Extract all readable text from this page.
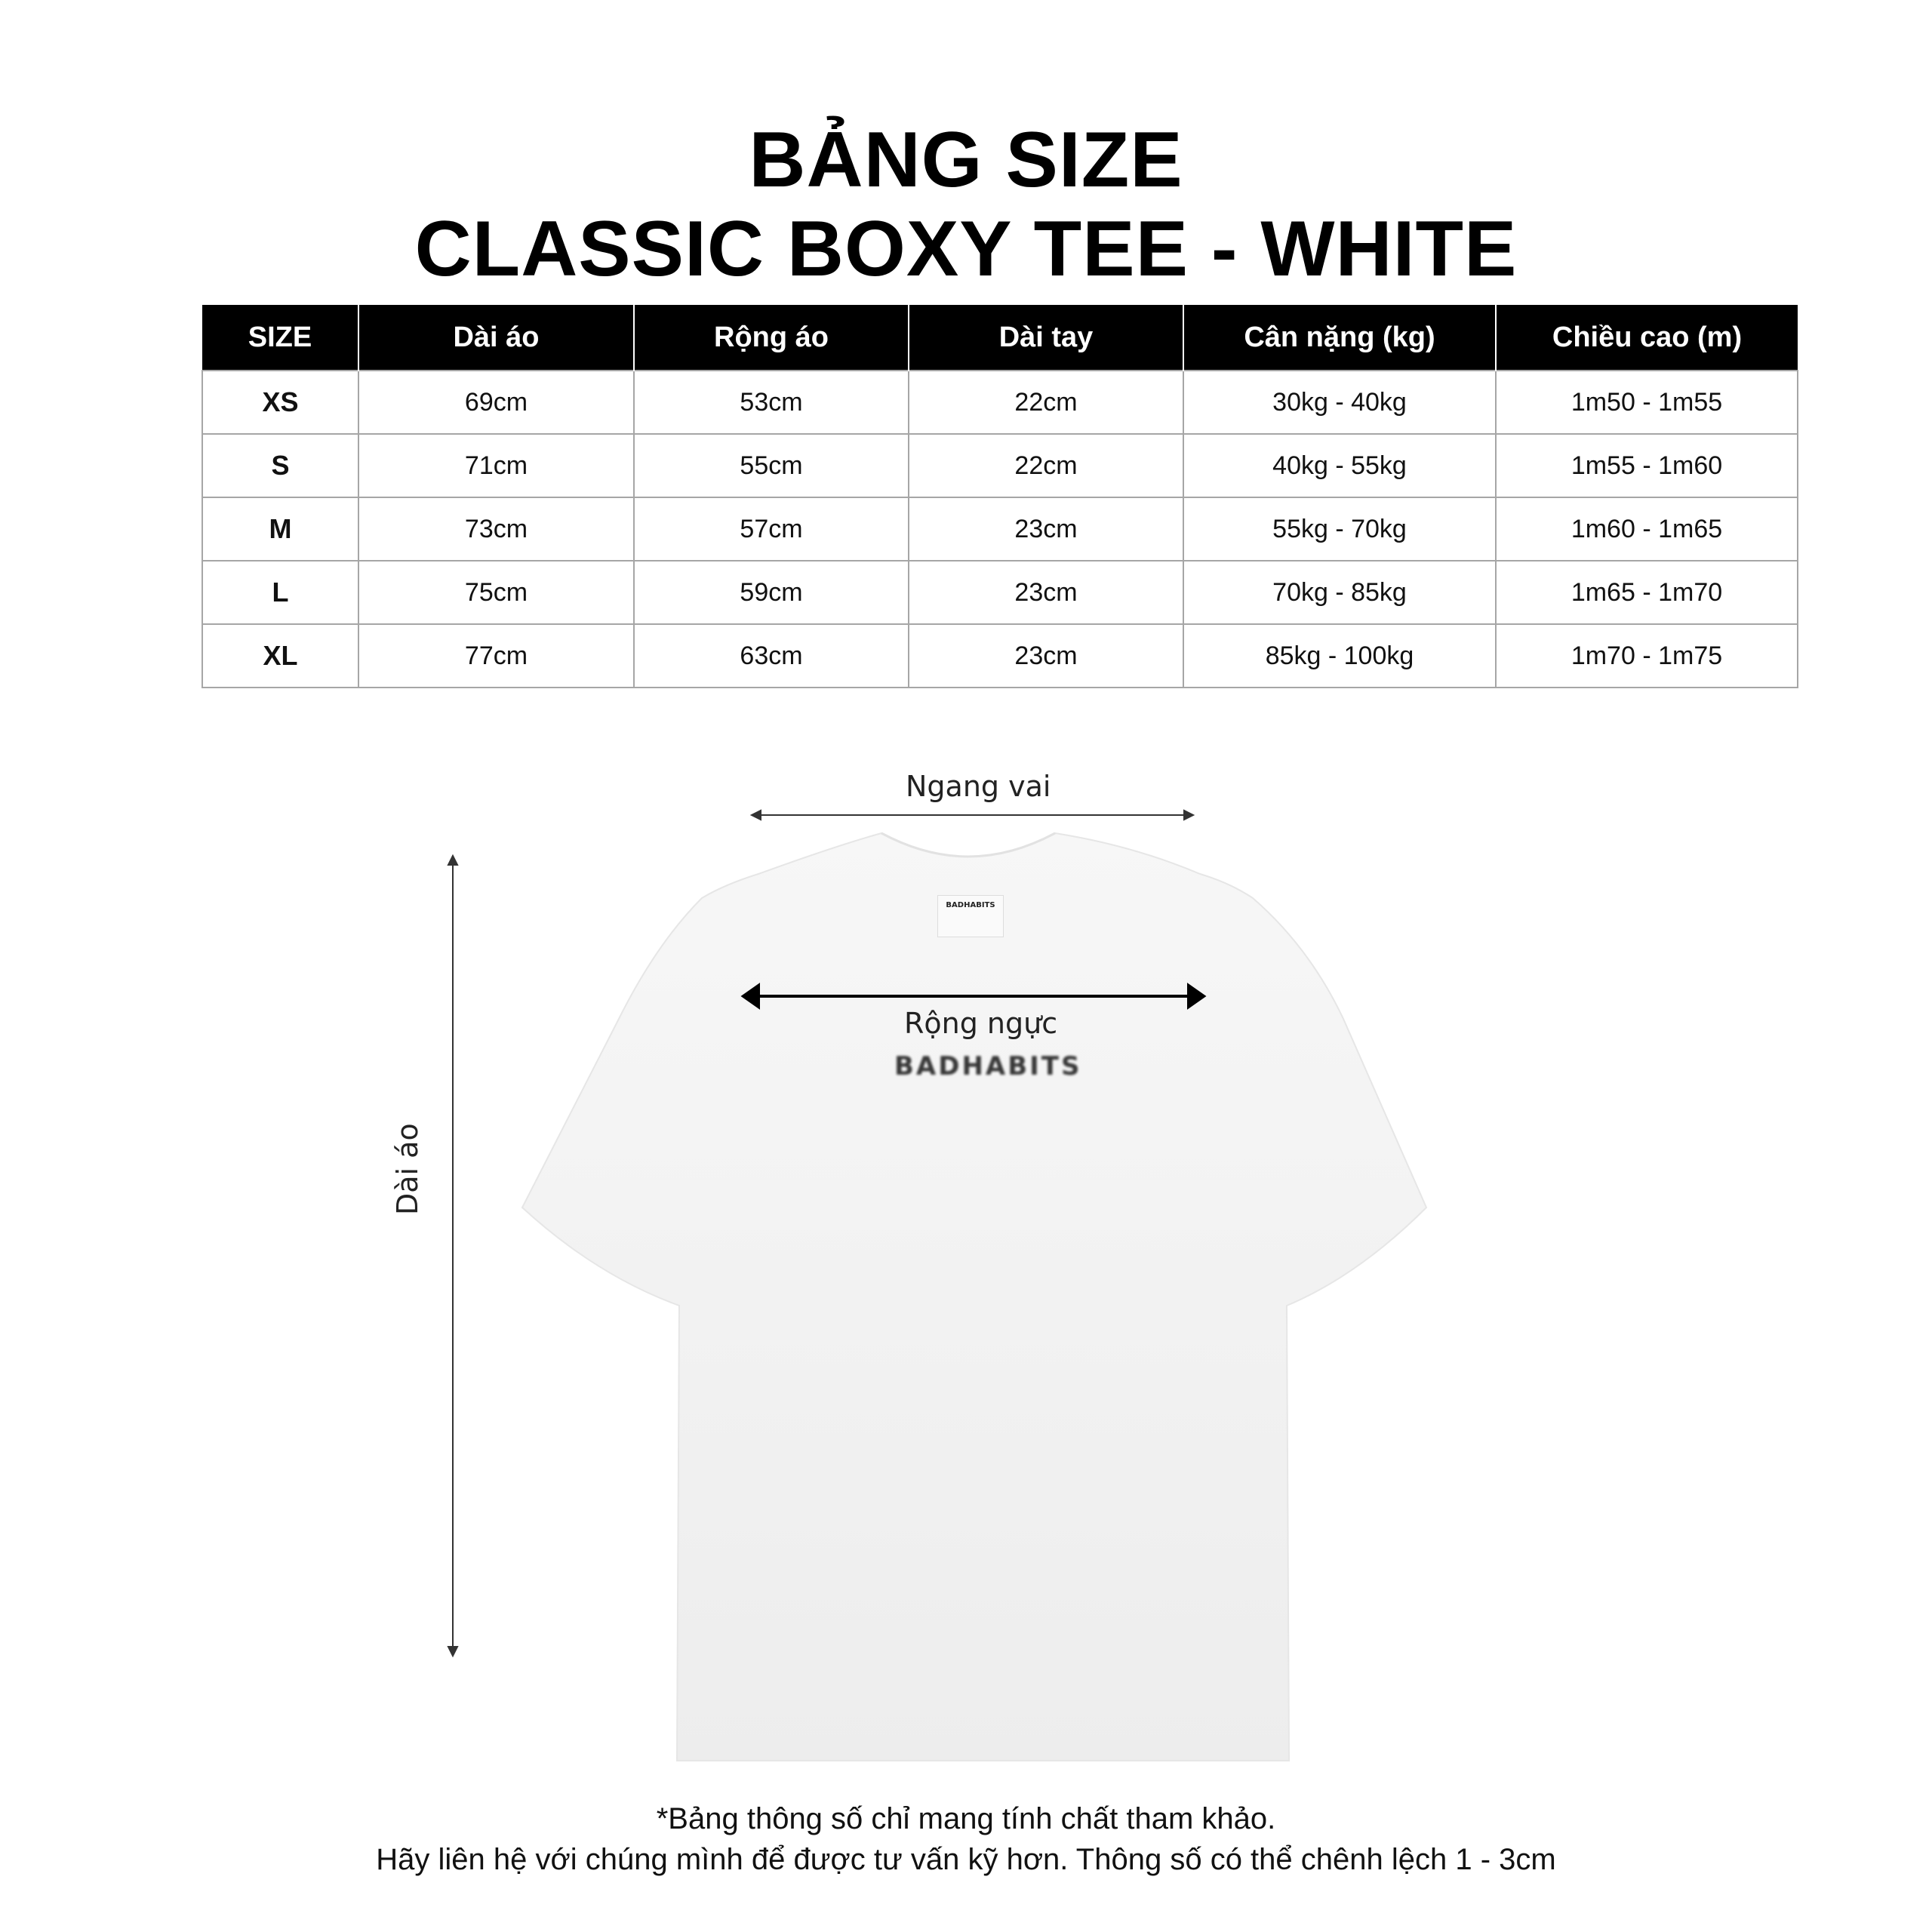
BẢNG SIZE
CLASSIC BOXY TEE - WHITE
SIZE	Dài áo	Rộng áo	Dài tay	Cân nặng (kg)	Chiều cao (m)
XS	69cm	53cm	22cm	30kg - 40kg	1m50 - 1m55
S	71cm	55cm	22cm	40kg - 55kg	1m55 - 1m60
M	73cm	57cm	23cm	55kg - 70kg	1m60 - 1m65
L	75cm	59cm	23cm	70kg - 85kg	1m65 - 1m70
XL	77cm	63cm	23cm	85kg - 100kg	1m70 - 1m75
BADHABITS
BADHABITS
Ngang vai
Rộng ngực
Dài áo
*Bảng thông số chỉ mang tính chất tham khảo.
Hãy liên hệ với chúng mình để được tư vấn kỹ hơn. Thông số có thể chênh lệch 1 - 3cm
